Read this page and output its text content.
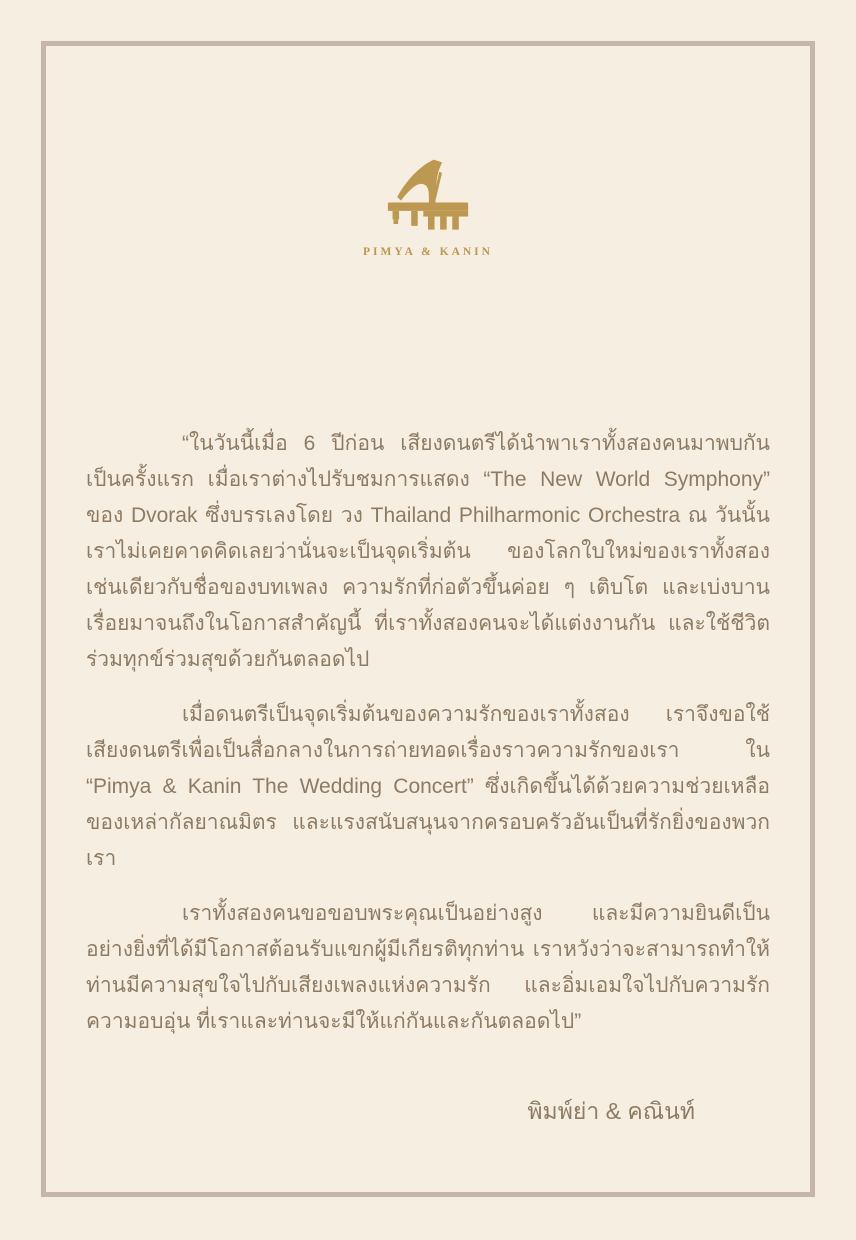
PIMYA & KANIN

“ในวันนี้เมื่อ 6 ปีก่อน เสียงดนตรีได้นำพาเราทั้งสองคนมาพบกันเป็นครั้งแรก เมื่อเราต่างไปรับชมการแสดง “The New World Symphony” ของ Dvorak ซึ่งบรรเลงโดย วง Thailand Philharmonic Orchestra ณ วันนั้น เราไม่เคยคาดคิดเลยว่านั่นจะเป็นจุดเริ่มต้น ของโลกใบใหม่ของเราทั้งสองเช่นเดียวกับชื่อของบทเพลง ความรักที่ก่อตัวขึ้นค่อย ๆ เติบโต และเบ่งบานเรื่อยมาจนถึงในโอกาสสำคัญนี้ ที่เราทั้งสองคนจะได้แต่งงานกัน และใช้ชีวิตร่วมทุกข์ร่วมสุขด้วยกันตลอดไป

เมื่อดนตรีเป็นจุดเริ่มต้นของความรักของเราทั้งสอง เราจึงขอใช้เสียงดนตรีเพื่อเป็นสื่อกลางในการถ่ายทอดเรื่องราวความรักของเรา ใน “Pimya & Kanin The Wedding Concert” ซึ่งเกิดขึ้นได้ด้วยความช่วยเหลือของเหล่ากัลยาณมิตร และแรงสนับสนุนจากครอบครัวอันเป็นที่รักยิ่งของพวกเรา

เราทั้งสองคนขอขอบพระคุณเป็นอย่างสูง และมีความยินดีเป็นอย่างยิ่งที่ได้มีโอกาสต้อนรับแขกผู้มีเกียรติทุกท่าน เราหวังว่าจะสามารถทำให้ท่านมีความสุขใจไปกับเสียงเพลงแห่งความรัก และอิ่มเอมใจไปกับความรักความอบอุ่น ที่เราและท่านจะมีให้แก่กันและกันตลอดไป”

พิมพ์ย่า & คณินท์
